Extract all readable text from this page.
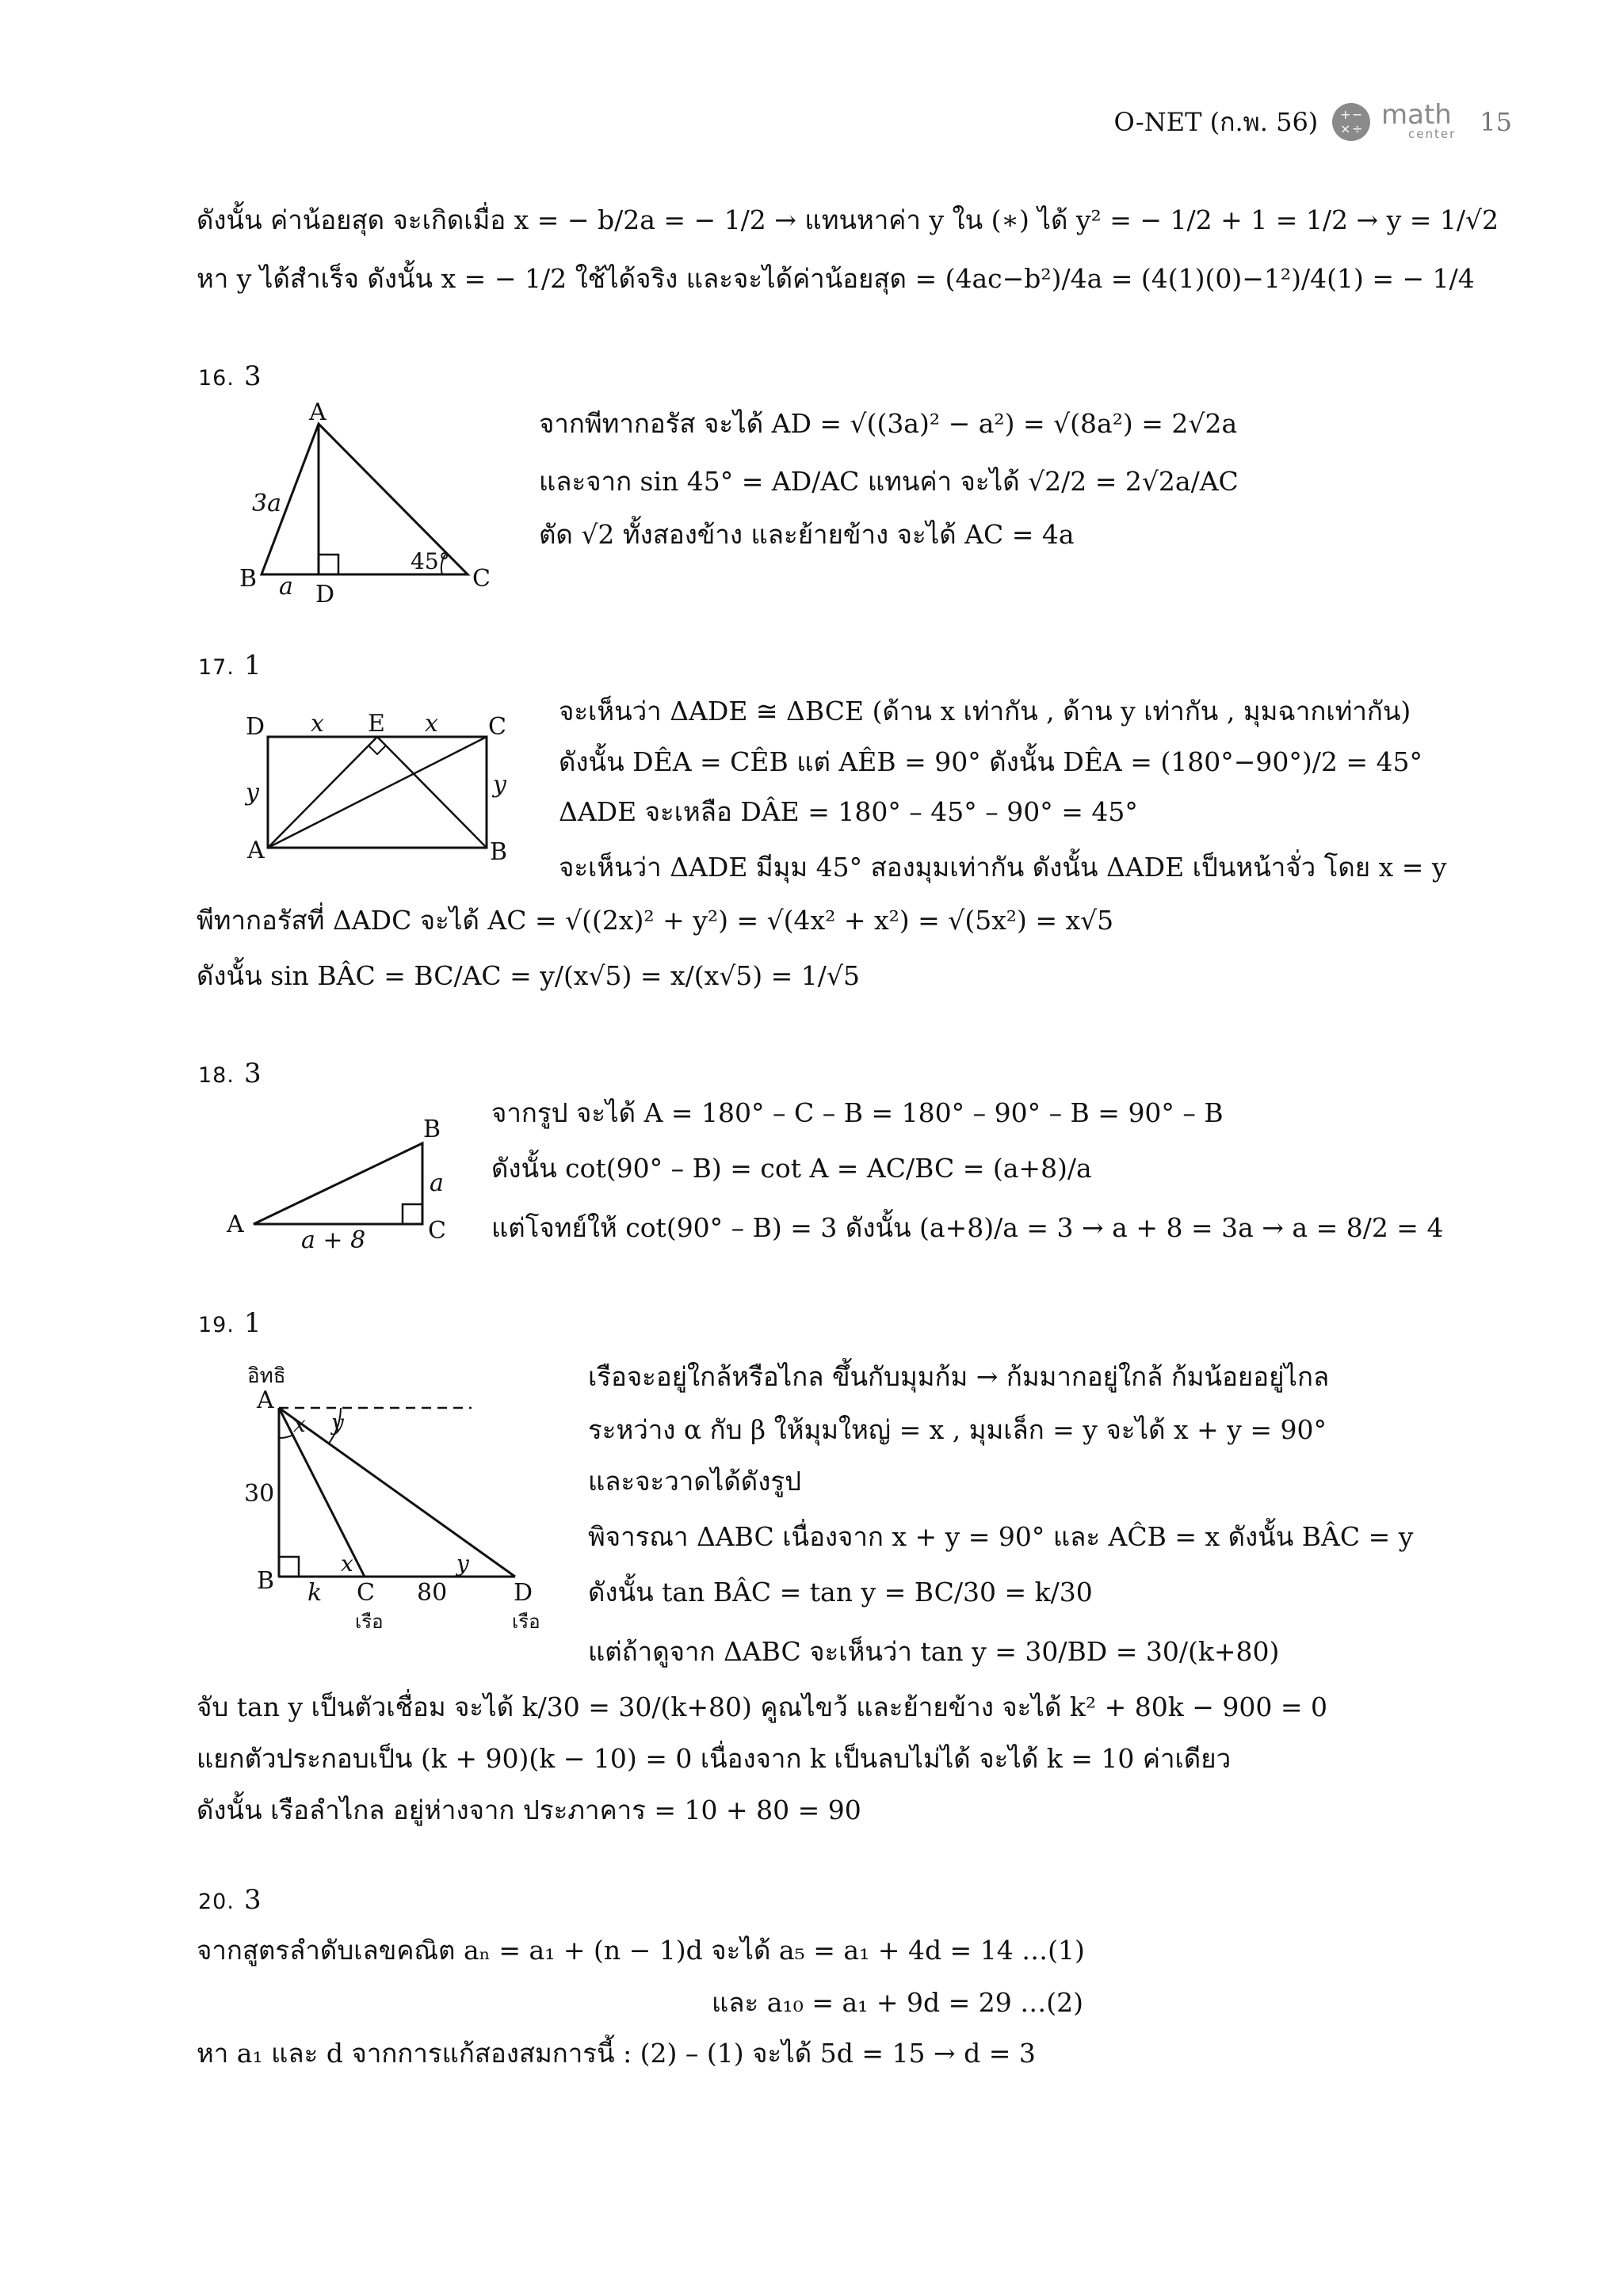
O-NET (ก.พ. 56) + −
× ÷ math
center 15
ดังนั้น ค่าน้อยสุด จะเกิดเมื่อ x = − b/2a = − 1/2 → แทนหาค่า y ใน (∗) ได้ y² = − 1/2 + 1 = 1/2 → y = 1/√2
หา y ได้สำเร็จ ดังนั้น x = − 1/2 ใช้ได้จริง และจะได้ค่าน้อยสุด = (4ac−b²)/4a = (4(1)(0)−1²)/4(1) = − 1/4
16. 3
A
B	C
D
3a
a
45°
จากพีทากอรัส จะได้ AD = √((3a)² − a²) = √(8a²) = 2√2a
และจาก sin 45° = AD/AC แทนค่า จะได้ √2/2 = 2√2a/AC
ตัด √2 ทั้งสองข้าง และย้ายข้าง จะได้ AC = 4a
17. 1
D x E x C
y	y
A	B
จะเห็นว่า ΔADE ≅ ΔBCE (ด้าน x เท่ากัน , ด้าน y เท่ากัน , มุมฉากเท่ากัน)
ดังนั้น DÊA = CÊB แต่ AÊB = 90° ดังนั้น DÊA = (180°−90°)/2 = 45°
ΔADE จะเหลือ DÂE = 180° – 45° – 90° = 45°
จะเห็นว่า ΔADE มีมุม 45° สองมุมเท่ากัน ดังนั้น ΔADE เป็นหน้าจั่ว โดย x = y
พีทากอรัสที่ ΔADC จะได้ AC = √((2x)² + y²) = √(4x² + x²) = √(5x²) = x√5
ดังนั้น sin BÂC = BC/AC = y/(x√5) = x/(x√5) = 1/√5
18. 3
B
a
A
a + 8	C
จากรูป จะได้ A = 180° – C – B = 180° – 90° – B = 90° – B
ดังนั้น cot(90° – B) = cot A = AC/BC = (a+8)/a
แต่โจทย์ให้ cot(90° – B) = 3 ดังนั้น (a+8)/a = 3 → a + 8 = 3a → a = 8/2 = 4
19. 1
อิทธิ
A
x y
30
B k C
เรือ
80
x	y
D
เรือ
เรือจะอยู่ใกล้หรือไกล ขึ้นกับมุมก้ม → ก้มมากอยู่ใกล้ ก้มน้อยอยู่ไกล
ระหว่าง α กับ β ให้มุมใหญ่ = x , มุมเล็ก = y จะได้ x + y = 90°
และจะวาดได้ดังรูป
พิจารณา ΔABC เนื่องจาก x + y = 90° และ AĈB = x ดังนั้น BÂC = y
ดังนั้น tan BÂC = tan y = BC/30 = k/30
แต่ถ้าดูจาก ΔABC จะเห็นว่า tan y = 30/BD = 30/(k+80)
จับ tan y เป็นตัวเชื่อม จะได้ k/30 = 30/(k+80) คูณไขว้ และย้ายข้าง จะได้ k² + 80k − 900 = 0
แยกตัวประกอบเป็น (k + 90)(k − 10) = 0 เนื่องจาก k เป็นลบไม่ได้ จะได้ k = 10 ค่าเดียว
ดังนั้น เรือลำไกล อยู่ห่างจาก ประภาคาร = 10 + 80 = 90
20. 3
จากสูตรลำดับเลขคณิต aₙ = a₁ + (n − 1)d จะได้ a₅ = a₁ + 4d = 14 …(1)
และ a₁₀ = a₁ + 9d = 29 …(2)
หา a₁ และ d จากการแก้สองสมการนี้ : (2) – (1) จะได้ 5d = 15 → d = 3
